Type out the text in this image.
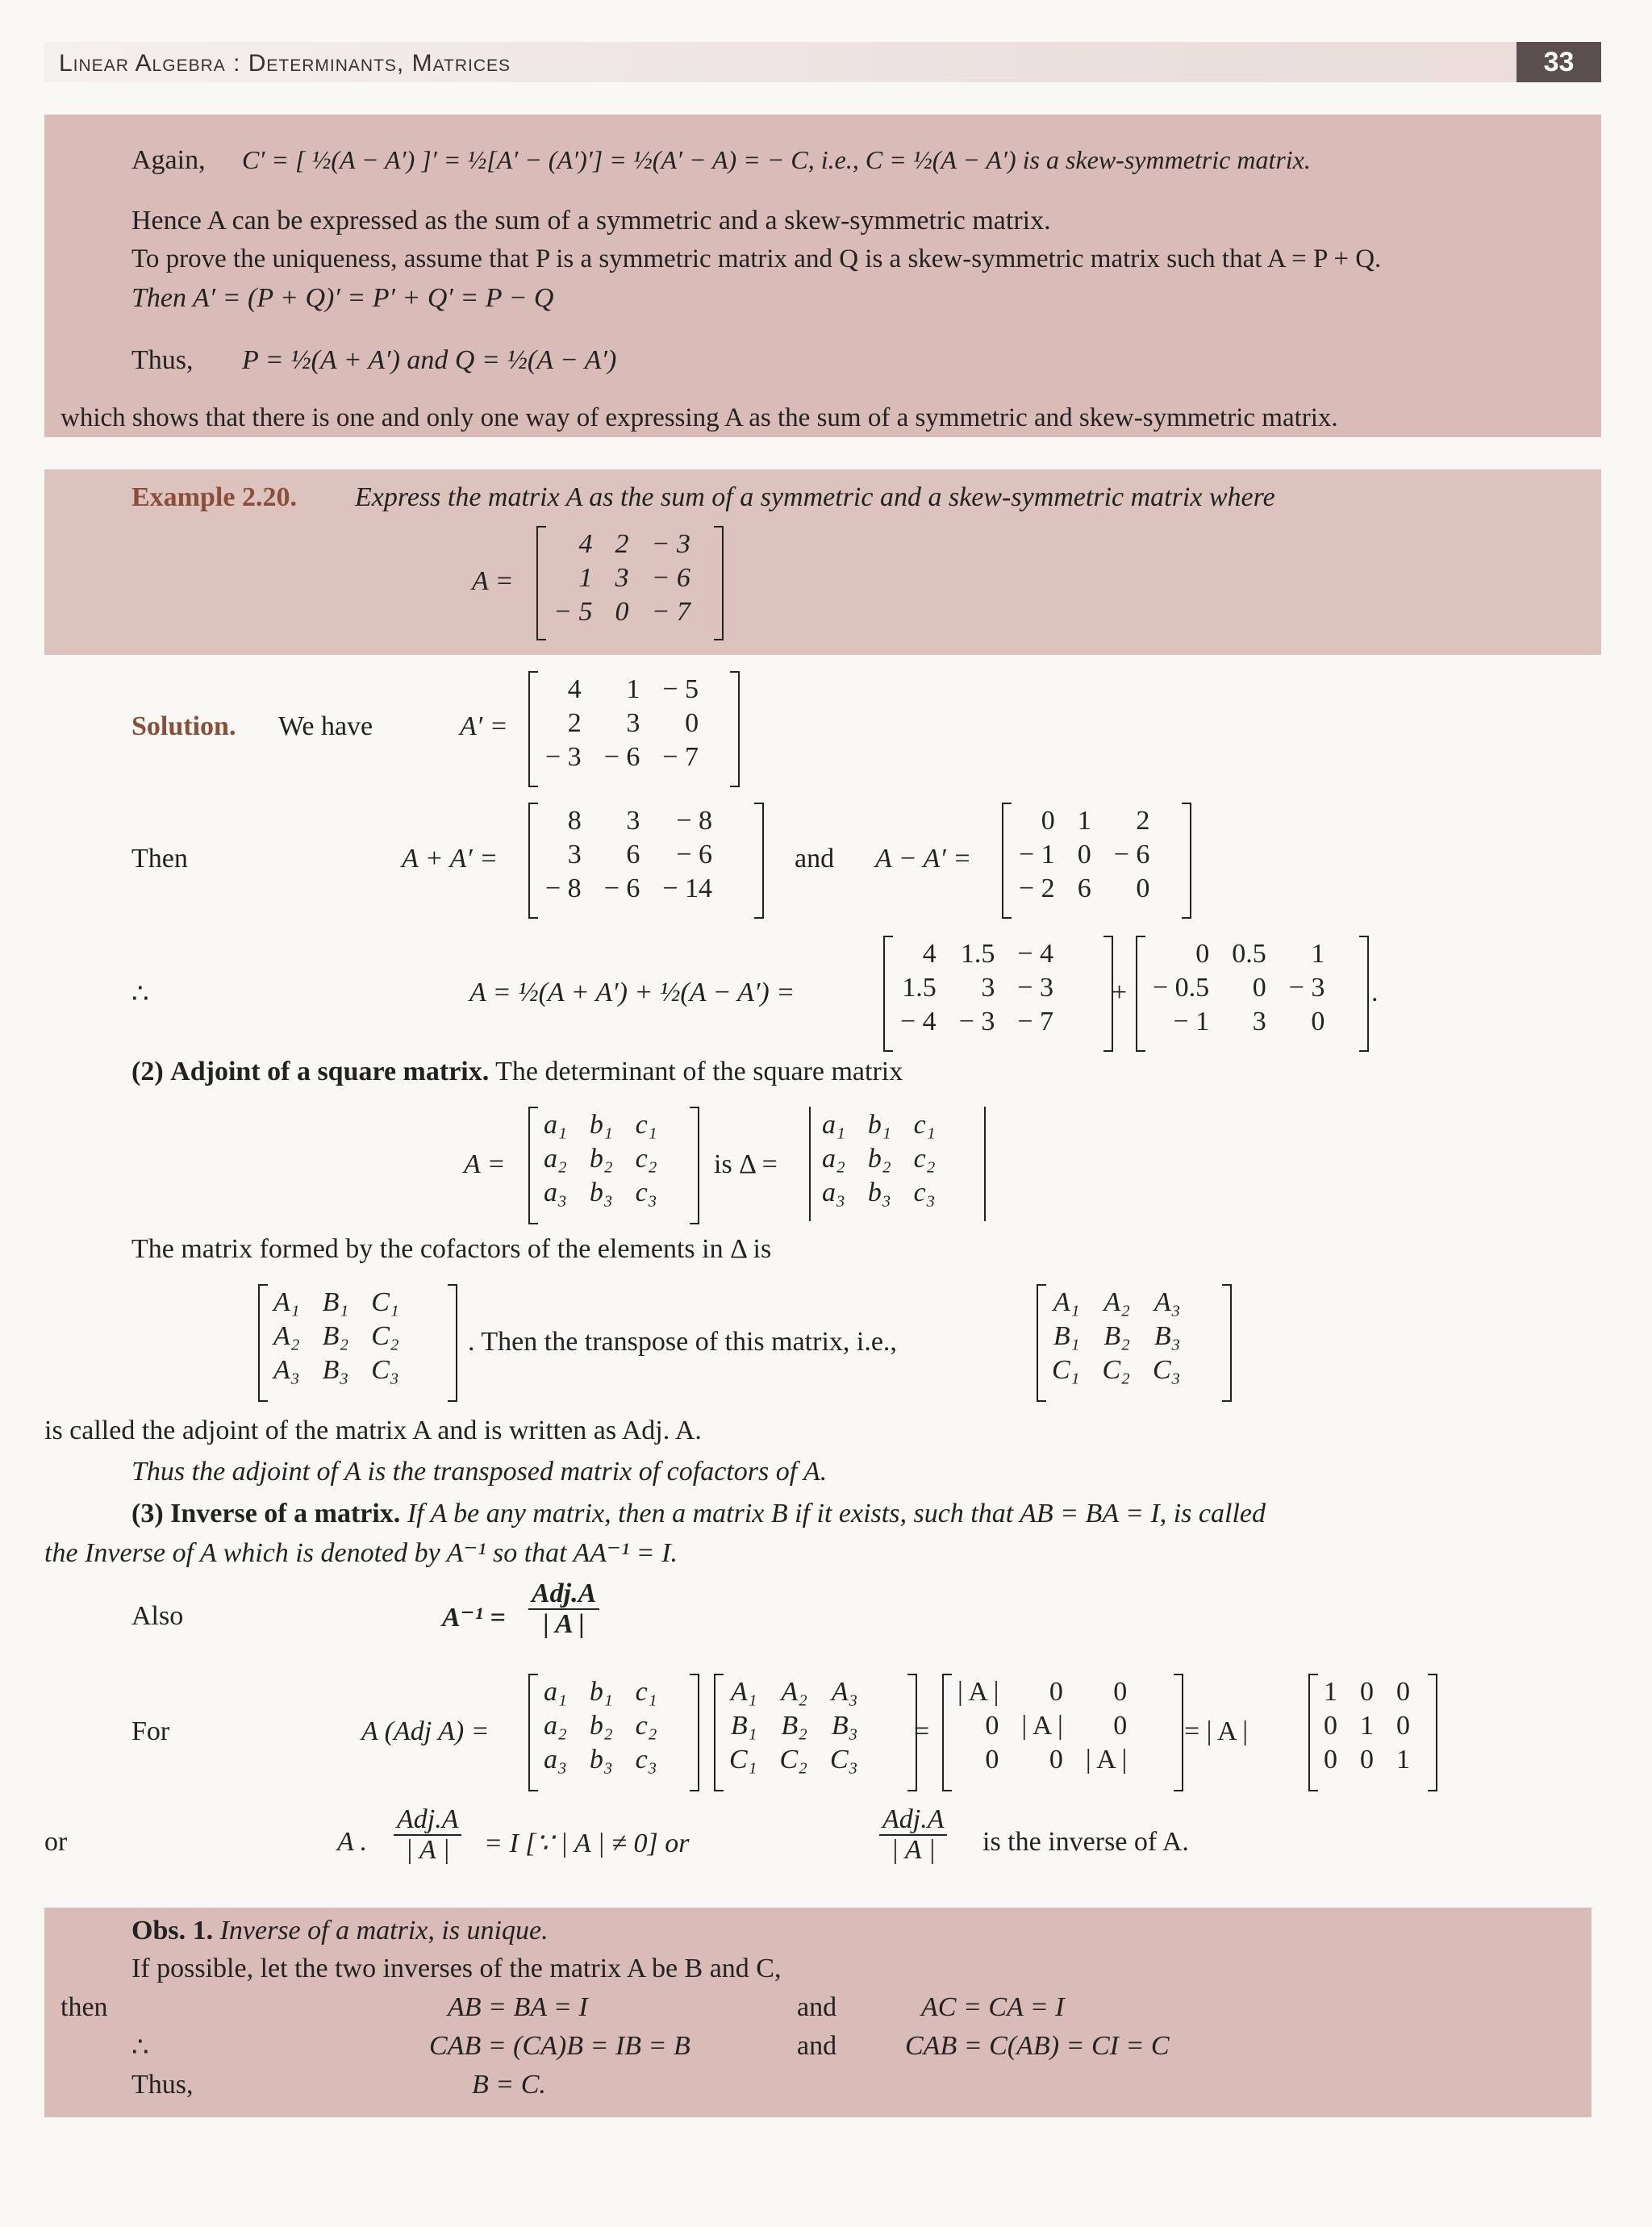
Linear Algebra : Determinants, Matrices	33
Again, C′ = [ ½(A − A′) ]′ = ½[A′ − (A′)′] = ½(A′ − A) = − C, i.e., C = ½(A − A′) is a skew-symmetric matrix.
Hence A can be expressed as the sum of a symmetric and a skew-symmetric matrix.
To prove the uniqueness, assume that P is a symmetric matrix and Q is a skew-symmetric matrix such that A = P + Q.
Then A′ = (P + Q)′ = P′ + Q′ = P − Q
Thus, P = ½(A + A′) and Q = ½(A − A′)
which shows that there is one and only one way of expressing A as the sum of a symmetric and skew-symmetric matrix.
Example 2.20. Express the matrix A as the sum of a symmetric and a skew-symmetric matrix where
A =
4	2	− 3
1	3	− 6
− 5	0	− 7
Solution. We have	A′ =
4	1	− 5
2	3	0
− 3	− 6	− 7
Then	A + A′ =
8	3	− 8
3	6	− 6
− 8	− 6	− 14
and A − A′ =
0	1	2
− 1	0	− 6
− 2	6	0
∴	A = ½(A + A′) + ½(A − A′) =
4	1.5	− 4
1.5	3	− 3
− 4	− 3	− 7
+
0	0.5	1
− 0.5	0	− 3
− 1	3	0
.
(2) Adjoint of a square matrix. The determinant of the square matrix
A =
a₁	b₁	c₁
a₂	b₂	c₂
a₃	b₃	c₃
is Δ =
a₁	b₁	c₁
a₂	b₂	c₂
a₃	b₃	c₃
The matrix formed by the cofactors of the elements in Δ is
A₁	B₁	C₁
A₂	B₂	C₂
A₃	B₃	C₃
. Then the transpose of this matrix, i.e.,
A₁	A₂	A₃
B₁	B₂	B₃
C₁	C₂	C₃
is called the adjoint of the matrix A and is written as Adj. A.
Thus the adjoint of A is the transposed matrix of cofactors of A.
(3) Inverse of a matrix. If A be any matrix, then a matrix B if it exists, such that AB = BA = I, is called
the Inverse of A which is denoted by A⁻¹ so that AA⁻¹ = I.
Also	A⁻¹ =
Adj.A
| A |
For	A (Adj A) =
a₁	b₁	c₁
a₂	b₂	c₂
a₃	b₃	c₃
A₁	A₂	A₃
B₁	B₂	B₃
C₁	C₂	C₃
=
| A |	0	0
0	| A |	0
0	0	| A |
= | A |
1	0	0
0	1	0
0	0	1
or	A .
Adj.A
| A |	= I [∵ | A | ≠ 0] or
Adj.A
| A |	is the inverse of A.
Obs. 1. Inverse of a matrix, is unique.
If possible, let the two inverses of the matrix A be B and C,
then	AB = BA = I	and	AC = CA = I
∴	CAB = (CA)B = IB = B	and CAB = C(AB) = CI = C
Thus,	B = C.
